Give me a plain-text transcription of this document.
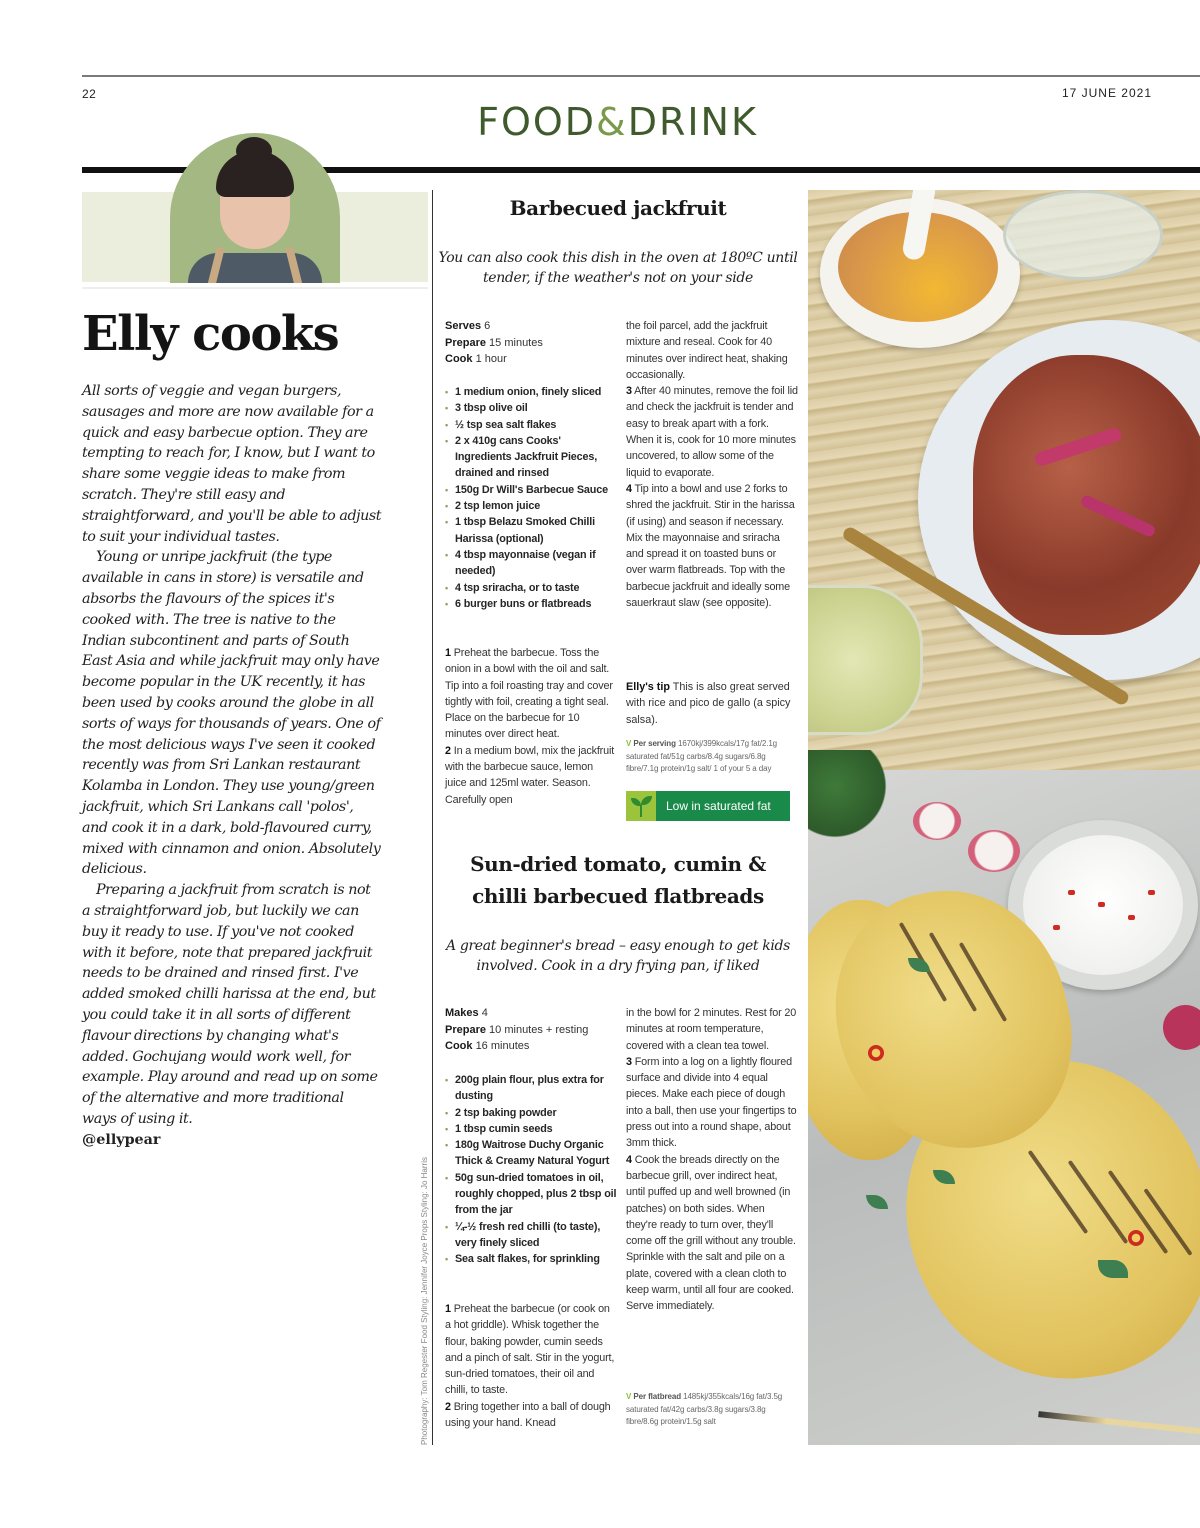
22	17 JUNE 2021
FOOD&DRINK
Elly cooks

All sorts of veggie and vegan burgers, sausages and more are now available for a quick and easy barbecue option. They are tempting to reach for, I know, but I want to share some veggie ideas to make from scratch. They're still easy and straightforward, and you'll be able to adjust to suit your individual tastes.

Young or unripe jackfruit (the type available in cans in store) is versatile and absorbs the flavours of the spices it's cooked with. The tree is native to the Indian subcontinent and parts of South East Asia and while jackfruit may only have become popular in the UK recently, it has been used by cooks around the globe in all sorts of ways for thousands of years. One of the most delicious ways I've seen it cooked recently was from Sri Lankan restaurant Kolamba in London. They use young/green jackfruit, which Sri Lankans call 'polos', and cook it in a dark, bold-flavoured curry, mixed with cinnamon and onion. Absolutely delicious.

Preparing a jackfruit from scratch is not a straightforward job, but luckily we can buy it ready to use. If you've not cooked with it before, note that prepared jackfruit needs to be drained and rinsed first. I've added smoked chilli harissa at the end, but you could take it in all sorts of different flavour directions by changing what's added. Gochujang would work well, for example. Play around and read up on some of the alternative and more traditional ways of using it.

@ellypear
Photography: Tom Regester Food Styling: Jennifer Joyce Props Styling: Jo Harris
Barbecued jackfruit

You can also cook this dish in the oven at 180ºC until tender, if the weather's not on your side

Serves 6
Prepare 15 minutes
Cook 1 hour
• 1 medium onion, finely sliced
• 3 tbsp olive oil
• ½ tsp sea salt flakes
• 2 x 410g cans Cooks' Ingredients Jackfruit Pieces, drained and rinsed
• 150g Dr Will's Barbecue Sauce
• 2 tsp lemon juice
• 1 tbsp Belazu Smoked Chilli Harissa (optional)
• 4 tbsp mayonnaise (vegan if needed)
• 4 tsp sriracha, or to taste
• 6 burger buns or flatbreads

1 Preheat the barbecue. Toss the onion in a bowl with the oil and salt. Tip into a foil roasting tray and cover tightly with foil, creating a tight seal. Place on the barbecue for 10 minutes over direct heat.

2 In a medium bowl, mix the jackfruit with the barbecue sauce, lemon juice and 125ml water. Season. Carefully open

the foil parcel, add the jackfruit mixture and reseal. Cook for 40 minutes over indirect heat, shaking occasionally.

3 After 40 minutes, remove the foil lid and check the jackfruit is tender and easy to break apart with a fork. When it is, cook for 10 more minutes uncovered, to allow some of the liquid to evaporate.

4 Tip into a bowl and use 2 forks to shred the jackfruit. Stir in the harissa (if using) and season if necessary. Mix the mayonnaise and sriracha and spread it on toasted buns or over warm flatbreads. Top with the barbecue jackfruit and ideally some sauerkraut slaw (see opposite).

Elly's tip This is also great served with rice and pico de gallo (a spicy salsa).
V Per serving 1670kj/399kcals/17g fat/2.1g saturated fat/51g carbs/8.4g sugars/6.8g fibre/7.1g protein/1g salt/ 1 of your 5 a day
Low in saturated fat
Sun-dried tomato, cumin &
chilli barbecued flatbreads

A great beginner's bread – easy enough to get kids involved. Cook in a dry frying pan, if liked

Makes 4
Prepare 10 minutes + resting
Cook 16 minutes
• 200g plain flour, plus extra for dusting
• 2 tsp baking powder
• 1 tbsp cumin seeds
• 180g Waitrose Duchy Organic Thick & Creamy Natural Yogurt
• 50g sun-dried tomatoes in oil, roughly chopped, plus 2 tbsp oil from the jar
• ¼-½ fresh red chilli (to taste), very finely sliced
• Sea salt flakes, for sprinkling

1 Preheat the barbecue (or cook on a hot griddle). Whisk together the flour, baking powder, cumin seeds and a pinch of salt. Stir in the yogurt, sun-dried tomatoes, their oil and chilli, to taste.

2 Bring together into a ball of dough using your hand. Knead

in the bowl for 2 minutes. Rest for 20 minutes at room temperature, covered with a clean tea towel.

3 Form into a log on a lightly floured surface and divide into 4 equal pieces. Make each piece of dough into a ball, then use your fingertips to press out into a round shape, about 3mm thick.

4 Cook the breads directly on the barbecue grill, over indirect heat, until puffed up and well browned (in patches) on both sides. When they're ready to turn over, they'll come off the grill without any trouble. Sprinkle with the salt and pile on a plate, covered with a clean cloth to keep warm, until all four are cooked. Serve immediately.

V Per flatbread 1485kj/355kcals/16g fat/3.5g saturated fat/42g carbs/3.8g sugars/3.8g fibre/8.6g protein/1.5g salt
